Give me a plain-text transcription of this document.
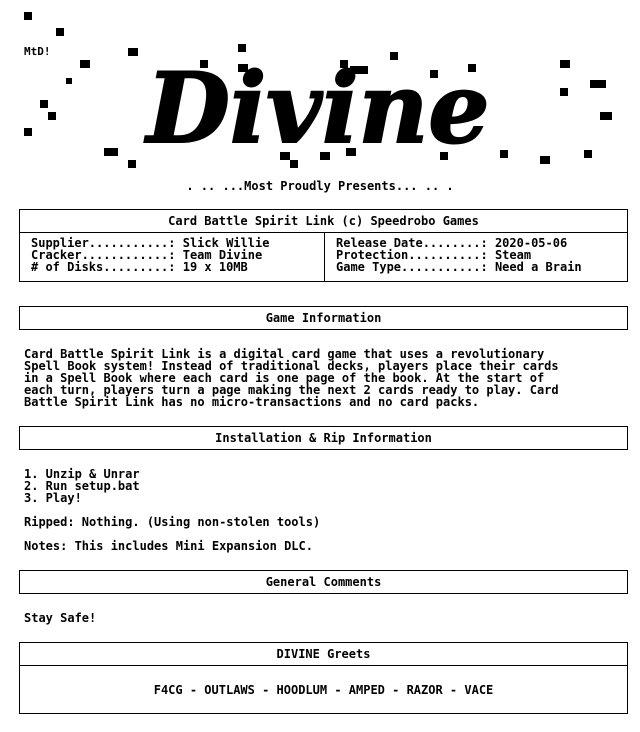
Divine
MtD!
. .. ...Most Proudly Presents... .. .
Card Battle Spirit Link (c) Speedrobo Games
Supplier...........: Slick Willie
Cracker............: Team Divine
# of Disks.........: 19 x 10MB
Release Date........: 2020-05-06
Protection..........: Steam
Game Type...........: Need a Brain
Game Information
Card Battle Spirit Link is a digital card game that uses a revolutionary
Spell Book system! Instead of traditional decks, players place their cards
in a Spell Book where each card is one page of the book. At the start of
each turn, players turn a page making the next 2 cards ready to play. Card
Battle Spirit Link has no micro-transactions and no card packs.
Installation & Rip Information
1. Unzip & Unrar
2. Run setup.bat
3. Play!
Ripped: Nothing. (Using non-stolen tools)
Notes: This includes Mini Expansion DLC.
General Comments
Stay Safe!
DIVINE Greets
F4CG - OUTLAWS - HOODLUM - AMPED - RAZOR - VACE
